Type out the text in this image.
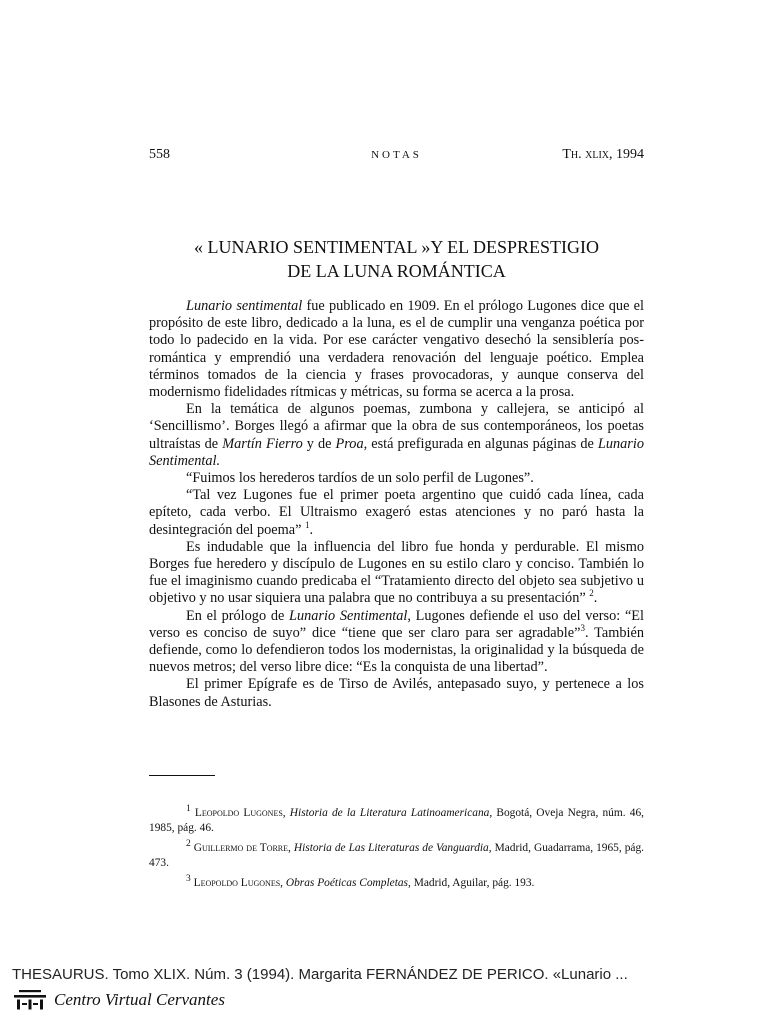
558	NOTAS	Th. xlix, 1994
« LUNARIO SENTIMENTAL »Y EL DESPRESTIGIO
DE LA LUNA ROMÁNTICA

Lunario sentimental fue publicado en 1909. En el prólogo Lugones dice que el propósito de este libro, dedicado a la luna, es el de cumplir una venganza poética por todo lo padecido en la vida. Por ese carácter vengativo desechó la sensiblería pos-romántica y emprendió una verdadera renovación del lenguaje poético. Emplea términos tomados de la ciencia y frases provocadoras, y aunque conserva del modernismo fidelidades rítmicas y métricas, su forma se acerca a la prosa.

En la temática de algunos poemas, zumbona y callejera, se anticipó al ‘Sencillismo’. Borges llegó a afirmar que la obra de sus contemporáneos, los poetas ultraístas de Martín Fierro y de Proa, está prefigurada en algunas páginas de Lunario Sentimental.

“Fuimos los herederos tardíos de un solo perfil de Lugones”.

“Tal vez Lugones fue el primer poeta argentino que cuidó cada línea, cada epíteto, cada verbo. El Ultraismo exageró estas atenciones y no paró hasta la desintegración del poema” $^1$.

Es indudable que la influencia del libro fue honda y perdurable. El mismo Borges fue heredero y discípulo de Lugones en su estilo claro y conciso. También lo fue el imaginismo cuando predicaba el “Tratamiento directo del objeto sea subjetivo u objetivo y no usar siquiera una palabra que no contribuya a su presentación” $^2$.

En el prólogo de Lunario Sentimental, Lugones defiende el uso del verso: “El verso es conciso de suyo” dice “tiene que ser claro para ser agradable”$^3$. También defiende, como lo defendieron todos los modernistas, la originalidad y la búsqueda de nuevos metros; del verso libre dice: “Es la conquista de una libertad”.

El primer Epígrafe es de Tirso de Avilés, antepasado suyo, y pertenece a los Blasones de Asturias.

$^1$ Leopoldo Lugones, Historia de la Literatura Latinoamericana, Bogotá, Oveja Negra, núm. 46, 1985, pág. 46.

$^2$ Guillermo de Torre, Historia de Las Literaturas de Vanguardia, Madrid, Guadarrama, 1965, pág. 473.

$^3$ Leopoldo Lugones, Obras Poéticas Completas, Madrid, Aguilar, pág. 193.

THESAURUS. Tomo XLIX. Núm. 3 (1994). Margarita FERNÁNDEZ DE PERICO. «Lunario ...
Centro Virtual Cervantes
